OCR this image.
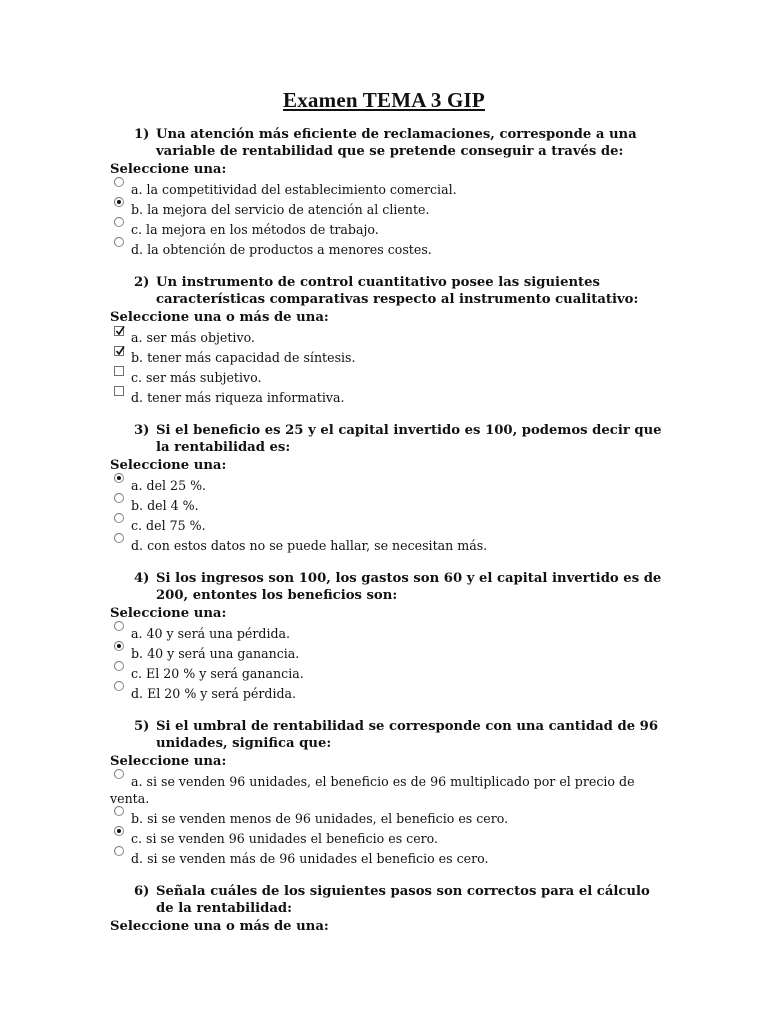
Examen TEMA 3 GIP
1) Una atención más eficiente de reclamaciones, corresponde a una variable de rentabilidad que se pretende conseguir a través de:
Seleccione una:
a. la competitividad del establecimiento comercial.
b. la mejora del servicio de atención al cliente.
c. la mejora en los métodos de trabajo.
d. la obtención de productos a menores costes.
2) Un instrumento de control cuantitativo posee las siguientes características comparativas respecto al instrumento cualitativo:
Seleccione una o más de una:
a. ser más objetivo.
b. tener más capacidad de síntesis.
c. ser más subjetivo.
d. tener más riqueza informativa.
3) Si el beneficio es 25 y el capital invertido es 100, podemos decir que la rentabilidad es:
Seleccione una:
a. del 25 %.
b. del 4 %.
c. del 75 %.
d. con estos datos no se puede hallar, se necesitan más.
4) Si los ingresos son 100, los gastos son 60 y el capital invertido es de 200, entontes los beneficios son:
Seleccione una:
a. 40 y será una pérdida.
b. 40 y será una ganancia.
c. El 20 % y será ganancia.
d. El 20 % y será pérdida.
5) Si el umbral de rentabilidad se corresponde con una cantidad de 96 unidades, significa que:
Seleccione una:
a. si se venden 96 unidades, el beneficio es de 96 multiplicado por el precio de venta.
b. si se venden menos de 96 unidades, el beneficio es cero.
c. si se venden 96 unidades el beneficio es cero.
d. si se venden más de 96 unidades el beneficio es cero.
6) Señala cuáles de los siguientes pasos son correctos para el cálculo de la rentabilidad:
Seleccione una o más de una:
